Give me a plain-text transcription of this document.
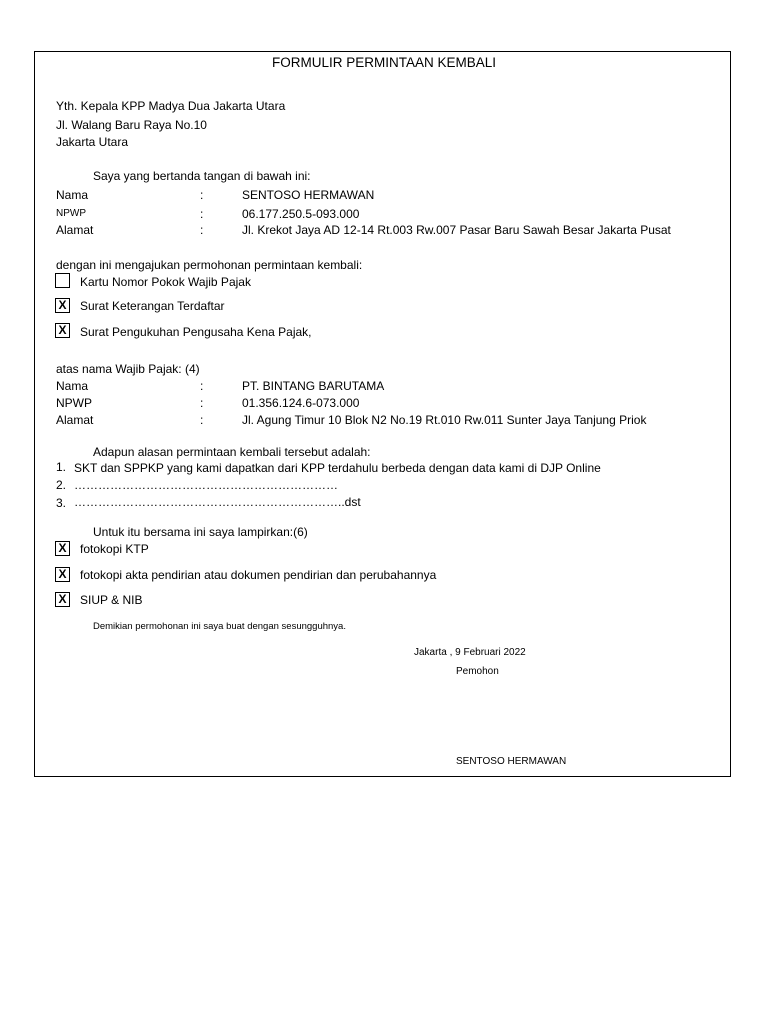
FORMULIR PERMINTAAN KEMBALI
Yth. Kepala KPP Madya Dua Jakarta Utara
Jl. Walang Baru Raya No.10
Jakarta Utara
Saya yang bertanda tangan di bawah ini:
Nama	:	SENTOSO HERMAWAN
NPWP	:	06.177.250.5-093.000
Alamat	:	Jl. Krekot Jaya AD 12-14 Rt.003 Rw.007 Pasar Baru Sawah Besar Jakarta Pusat
dengan ini mengajukan permohonan permintaan kembali:
Kartu Nomor Pokok Wajib Pajak
X Surat Keterangan Terdaftar
X Surat Pengukuhan Pengusaha Kena Pajak,
atas nama Wajib Pajak: (4)
Nama	:	PT. BINTANG BARUTAMA
NPWP	:	01.356.124.6-073.000
Alamat	:	Jl. Agung Timur 10 Blok N2 No.19 Rt.010 Rw.011 Sunter Jaya Tanjung Priok
Adapun alasan permintaan kembali tersebut adalah:
1. SKT dan SPPKP yang kami dapatkan dari KPP terdahulu berbeda dengan data kami di DJP Online
2. …………………………………………………………
3. …………………………………………………………..dst
Untuk itu bersama ini saya lampirkan:(6)
X fotokopi KTP
X fotokopi akta pendirian atau dokumen pendirian dan perubahannya
X SIUP & NIB
Demikian permohonan ini saya buat dengan sesungguhnya.
Jakarta , 9 Februari 2022
Pemohon
SENTOSO HERMAWAN
